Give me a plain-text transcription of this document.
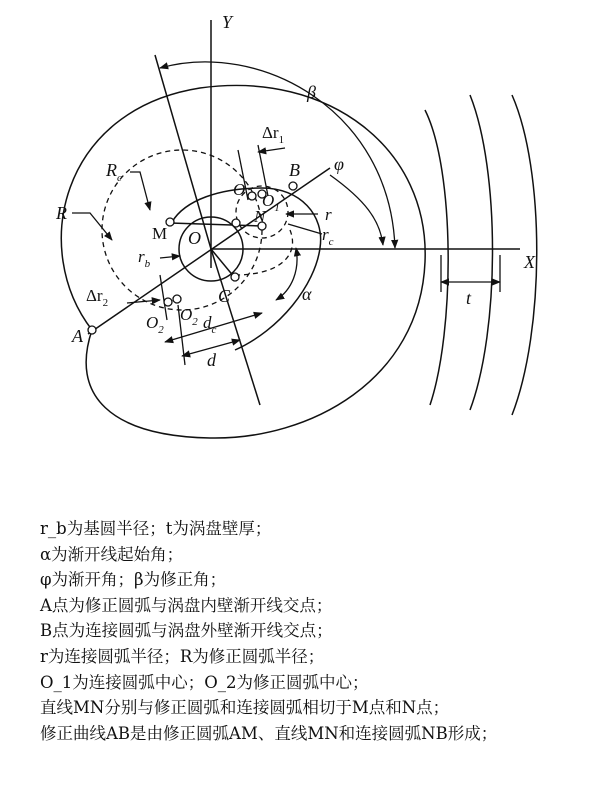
Y
X
β
φ
α
$\Delta r_1$
$\Delta r_2$
R
$R_c$
$r_c$
r
$r_b$
O
O
$O_1$
$O_2$
$O_2$
B
N
M
A
C
$d_c$
d
t
r_b为基圆半径；t为涡盘壁厚；
α为渐开线起始角；
φ为渐开角；β为修正角；
A点为修正圆弧与涡盘内壁渐开线交点；
B点为连接圆弧与涡盘外壁渐开线交点；
r为连接圆弧半径；R为修正圆弧半径；
O_1为连接圆弧中心；O_2为修正圆弧中心；
直线MN分别与修正圆弧和连接圆弧相切于M点和N点；
修正曲线AB是由修正圆弧AM、直线MN和连接圆弧NB形成；
